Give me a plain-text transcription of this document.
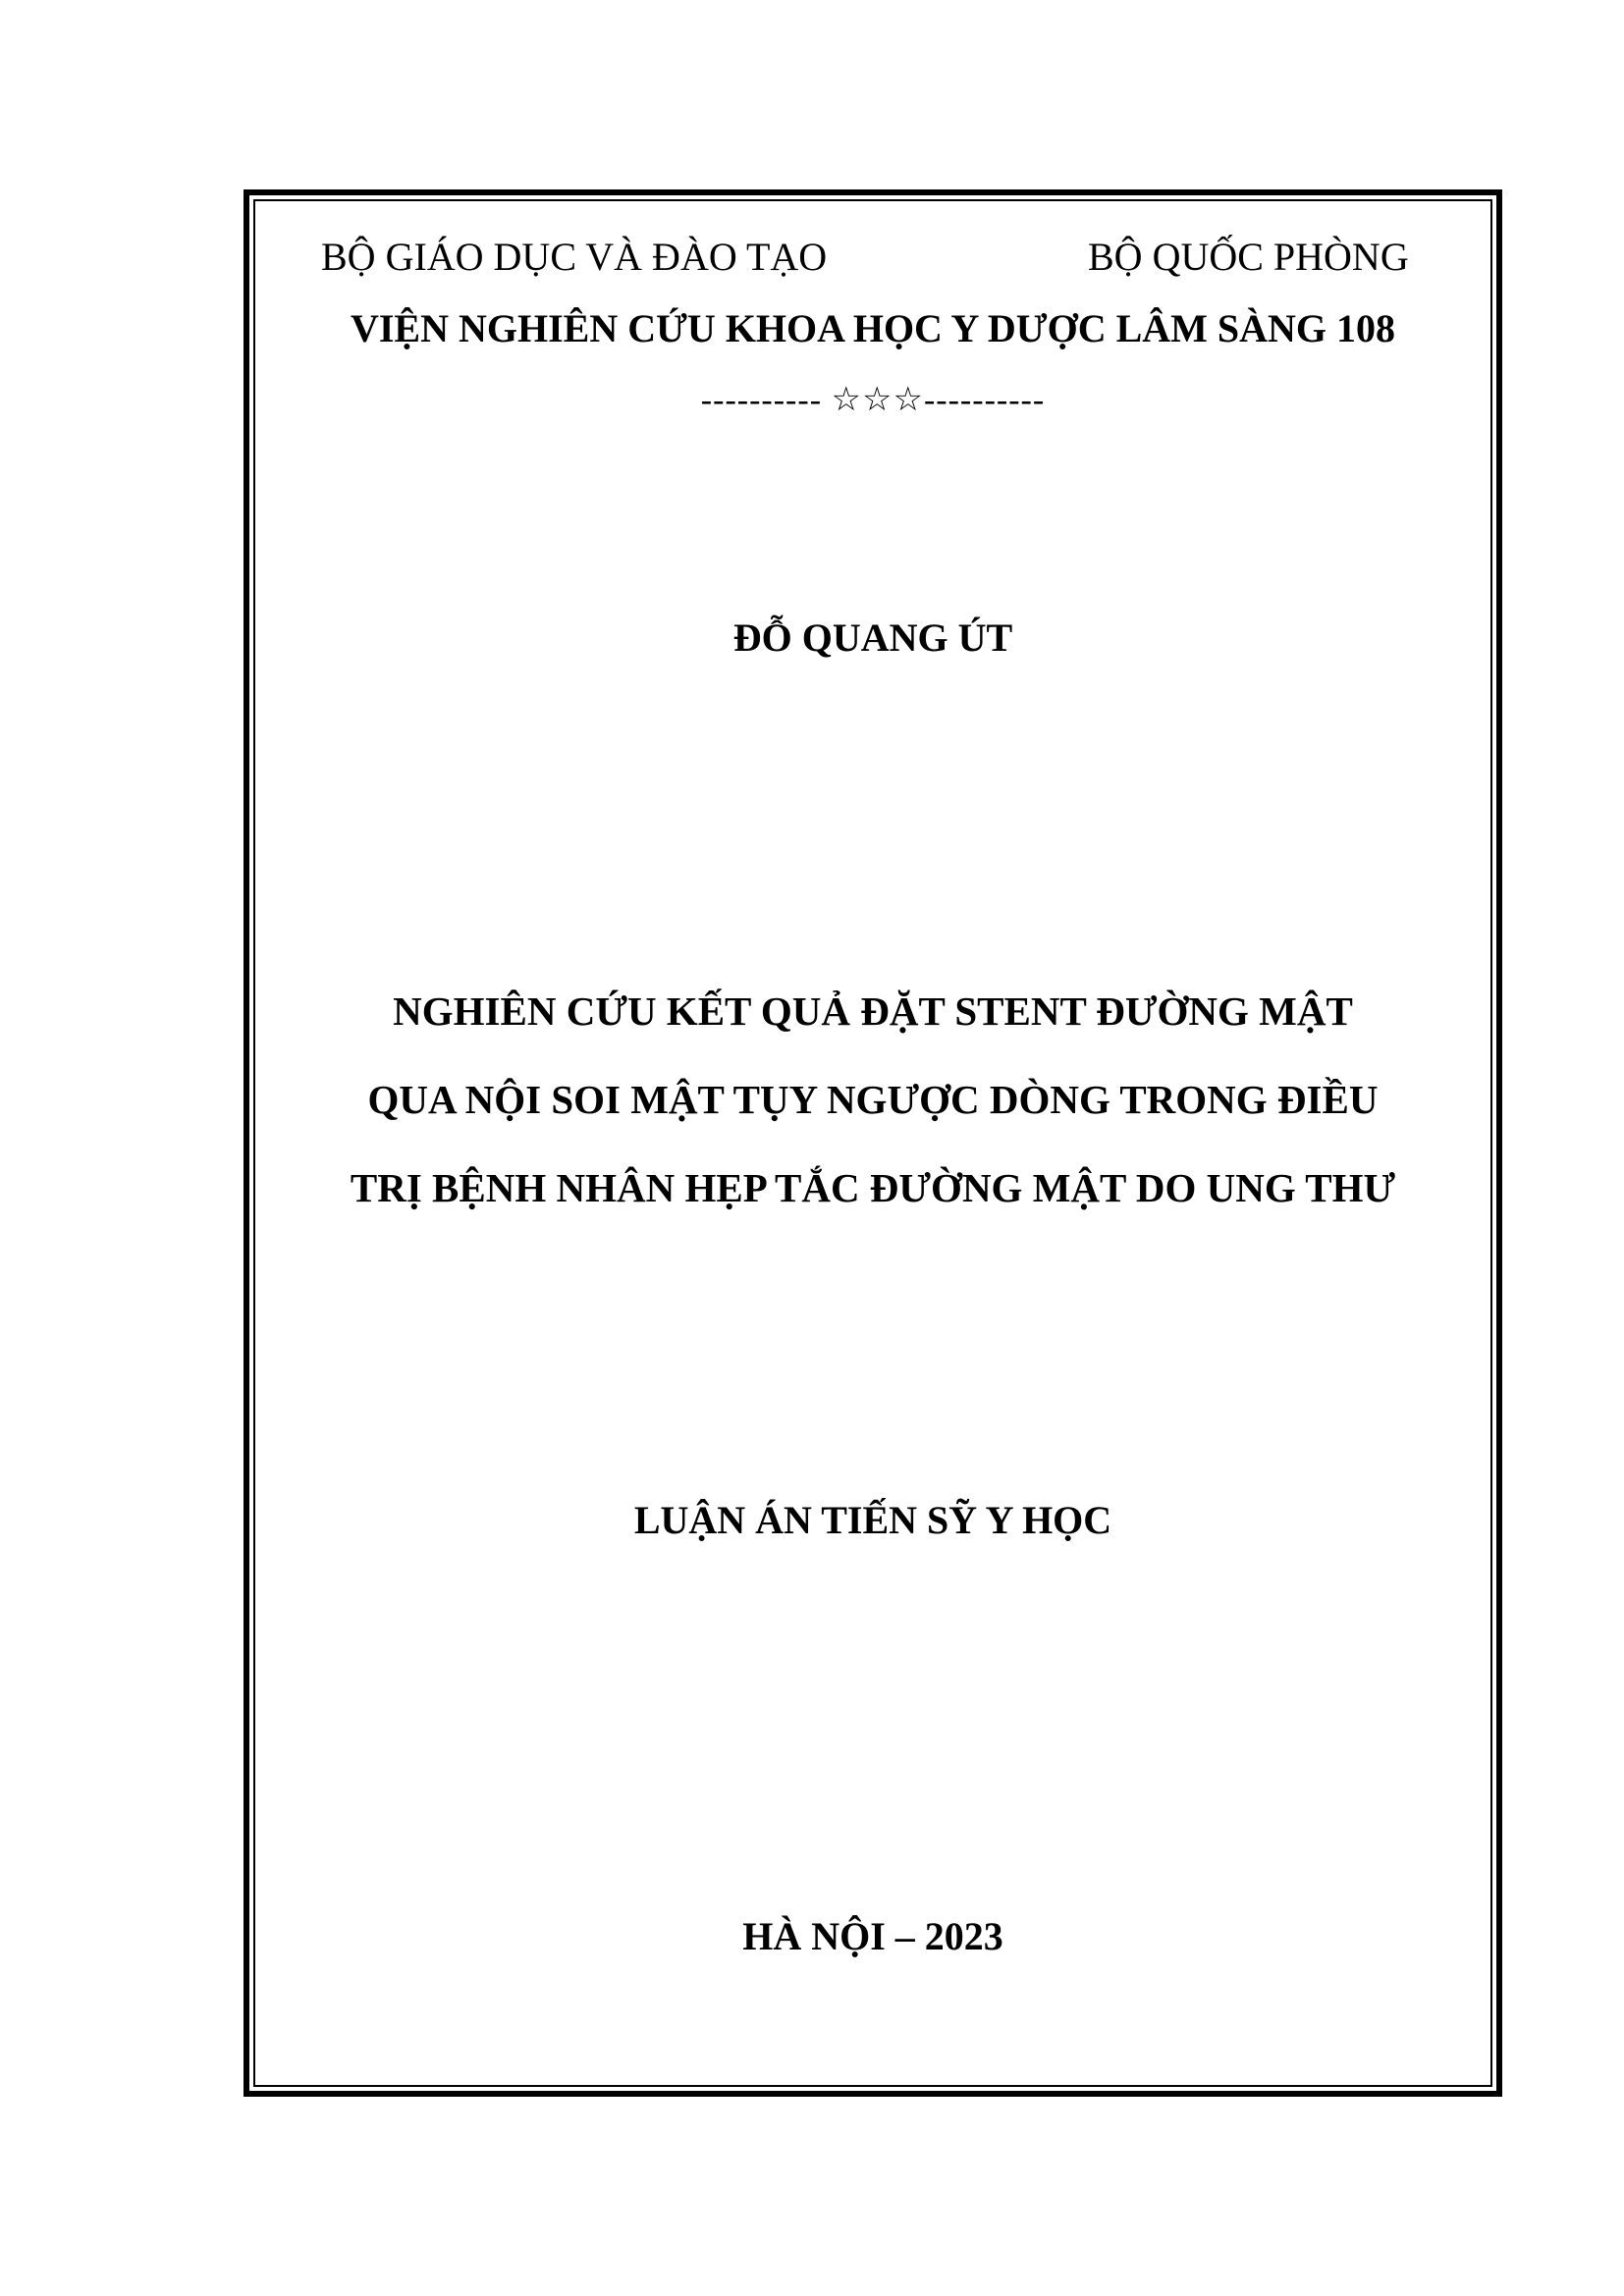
BỘ GIÁO DỤC VÀ ĐÀO TẠO	BỘ QUỐC PHÒNG
VIỆN NGHIÊN CỨU KHOA HỌC Y DƯỢC LÂM SÀNG 108
---------- ☆☆☆----------
ĐỖ QUANG ÚT
NGHIÊN CỨU KẾT QUẢ ĐẶT STENT ĐƯỜNG MẬT
QUA NỘI SOI MẬT TỤY NGƯỢC DÒNG TRONG ĐIỀU
TRỊ BỆNH NHÂN HẸP TẮC ĐƯỜNG MẬT DO UNG THƯ
LUẬN ÁN TIẾN SỸ Y HỌC
HÀ NỘI – 2023
